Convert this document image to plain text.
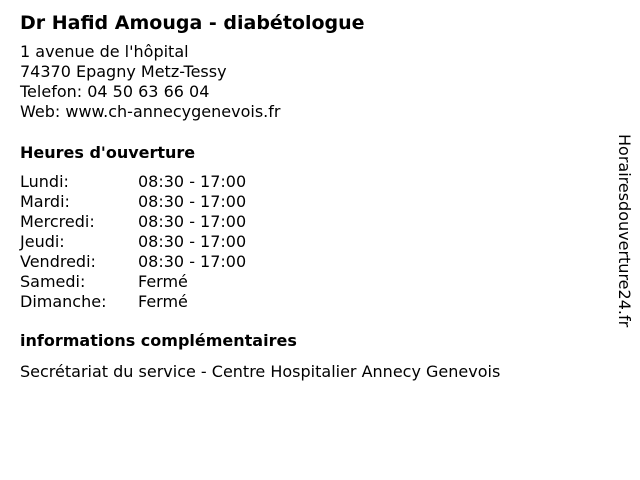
Dr Hafid Amouga - diabétologue
1 avenue de l'hôpital
74370 Epagny Metz-Tessy
Telefon: 04 50 63 66 04
Web: www.ch-annecygenevois.fr
Heures d'ouverture
Lundi:	08:30 - 17:00
Mardi:	08:30 - 17:00
Mercredi:	08:30 - 17:00
Jeudi:	08:30 - 17:00
Vendredi:	08:30 - 17:00
Samedi:	Fermé
Dimanche:	Fermé
informations complémentaires
Secrétariat du service - Centre Hospitalier Annecy Genevois
Horairesdouverture24.fr
